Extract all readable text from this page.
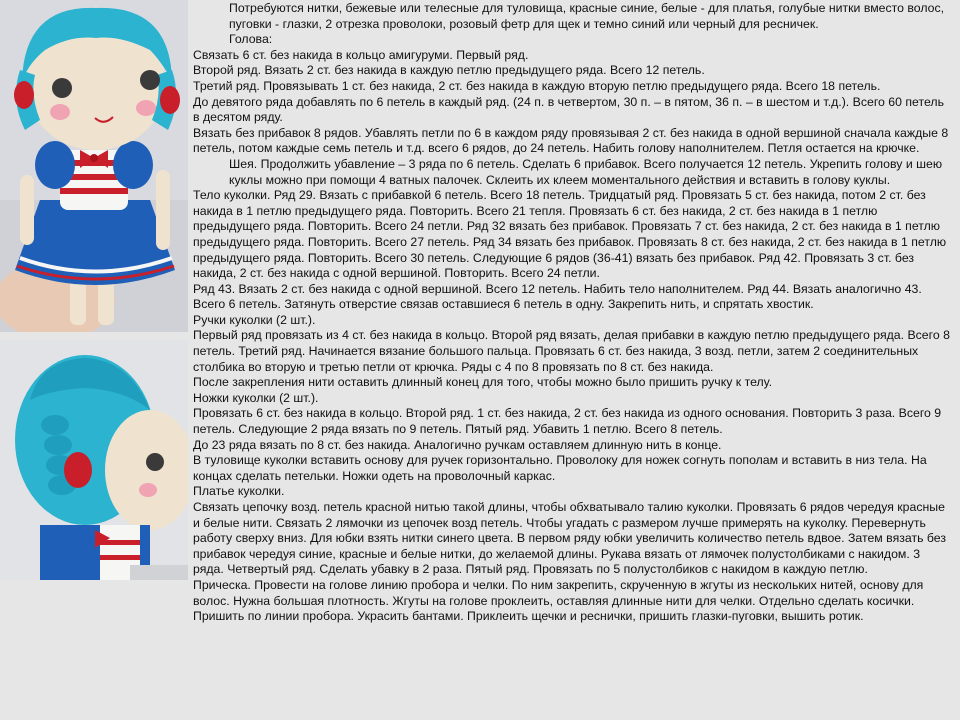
Потребуются нитки, бежевые или телесные для туловища, красные синие, белые - для платья, голубые нитки вместо волос, пуговки - глазки, 2 отрезка проволоки, розовый фетр для щек и темно синий или черный для ресничек.

Голова:

Связать 6 ст. без накида в кольцо амигуруми. Первый ряд.

Второй ряд. Вязать 2 ст. без накида в каждую петлю предыдущего ряда. Всего 12 петель.

Третий ряд. Провязывать 1 ст. без накида, 2 ст. без накида в каждую вторую петлю предыдущего ряда. Всего 18 петель.

До девятого ряда добавлять по 6 петель в каждый ряд. (24 п. в четвертом, 30 п. – в пятом, 36 п. – в шестом и т.д.). Всего 60 петель в десятом ряду.

Вязать без прибавок 8 рядов. Убавлять петли по 6 в каждом ряду провязывая 2 ст. без накида в одной вершиной сначала каждые 8 петель, потом каждые семь петель и т.д. всего 6 рядов, до 24 петель. Набить голову наполнителем. Петля остается на крючке.

Шея. Продолжить убавление – 3 ряда по 6 петель. Сделать 6 прибавок. Всего получается 12 петель. Укрепить голову и шею куклы можно при помощи 4 ватных палочек. Склеить их клеем моментального действия и вставить в голову куклы.

Тело куколки. Ряд 29. Вязать с прибавкой 6 петель. Всего 18 петель. Тридцатый ряд. Провязать 5 ст. без накида, потом 2 ст. без накида в 1 петлю предыдущего ряда. Повторить. Всего 21 тепля. Провязать 6 ст. без накида, 2 ст. без накида в 1 петлю предыдущего ряда. Повторить. Всего 24 петли. Ряд 32 вязать без прибавок. Провязать 7 ст. без накида, 2 ст. без накида в 1 петлю предыдущего ряда. Повторить. Всего 27 петель. Ряд 34 вязать без прибавок. Провязать 8 ст. без накида, 2 ст. без накида в 1 петлю предыдущего ряда. Повторить. Всего 30 петель. Следующие 6 рядов (36-41) вязать без прибавок. Ряд 42. Провязать 3 ст. без накида, 2 ст. без накида с одной вершиной. Повторить. Всего 24 петли.

Ряд 43. Вязать 2 ст. без накида с одной вершиной. Всего 12 петель. Набить тело наполнителем. Ряд 44. Вязать аналогично 43. Всего 6 петель. Затянуть отверстие связав оставшиеся 6 петель в одну. Закрепить нить, и спрятать хвостик.

Ручки куколки (2 шт.).

Первый ряд провязать из 4 ст. без накида в кольцо. Второй ряд вязать, делая прибавки в каждую петлю предыдущего ряда. Всего 8 петель. Третий ряд. Начинается вязание большого пальца. Провязать 6 ст. без накида, 3 возд. петли, затем 2 соединительных столбика во вторую и третью петли от крючка. Ряды с 4 по 8 провязать по 8 ст. без накида.

После закрепления нити оставить длинный конец для того, чтобы можно было пришить ручку к телу.

Ножки куколки (2 шт.).

Провязать 6 ст. без накида в кольцо. Второй ряд. 1 ст. без накида, 2 ст. без накида из одного основания. Повторить 3 раза. Всего 9 петель. Следующие 2 ряда вязать по 9 петель. Пятый ряд. Убавить 1 петлю. Всего 8 петель.

До 23 ряда вязать по 8 ст. без накида. Аналогично ручкам оставляем длинную нить в конце.

В туловище куколки вставить основу для ручек горизонтально. Проволоку для ножек согнуть пополам и вставить в низ тела. На концах сделать петельки. Ножки одеть на проволочный каркас.

Платье куколки.

Связать цепочку возд. петель красной нитью такой длины, чтобы обхватывало талию куколки. Провязать 6 рядов чередуя красные и белые нити. Связать 2 лямочки из цепочек возд петель. Чтобы угадать с размером лучше примерять на куколку. Перевернуть работу сверху вниз. Для юбки взять нитки синего цвета. В первом ряду юбки увеличить количество петель вдвое. Затем вязать без прибавок чередуя синие, красные и белые нитки, до желаемой длины. Рукава вязать от лямочек полустолбиками с накидом. 3 ряда. Четвертый ряд. Сделать убавку в 2 раза. Пятый ряд. Провязать по 5 полустолбиков с накидом в каждую петлю.

Прическа. Провести на голове линию пробора и челки. По ним закрепить, скрученную в жгуты из нескольких нитей, основу для волос. Нужна большая плотность. Жгуты на голове проклеить, оставляя длинные нити для челки. Отдельно сделать косички. Пришить по линии пробора. Украсить бантами. Приклеить щечки и реснички, пришить глазки-пуговки, вышить ротик.
